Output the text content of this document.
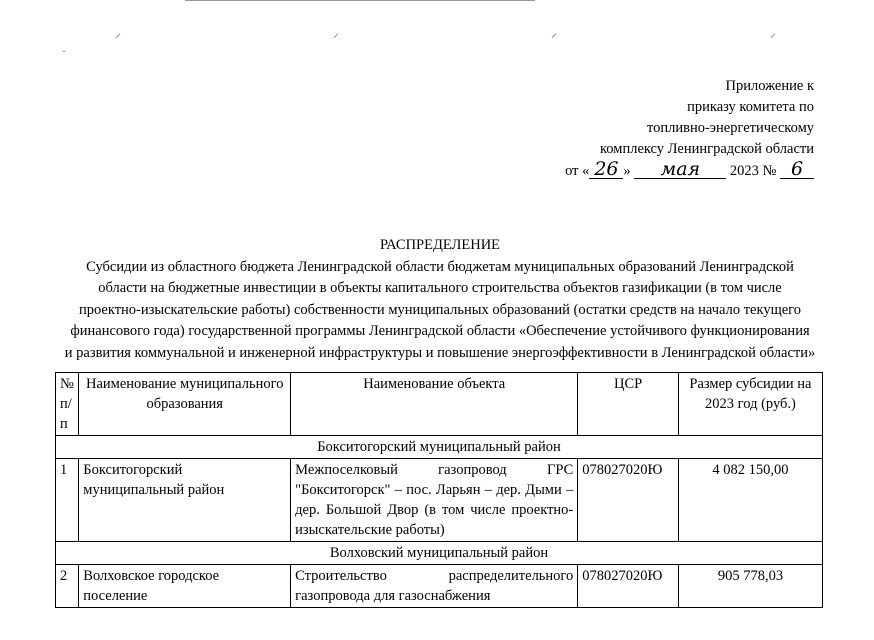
⸝	⸝	⸝	⸝
·
Приложение к
приказу комитета по
топливно-энергетическому
комплексу Ленинградской области
от « 26 » мая 2023 № 6
РАСПРЕДЕЛЕНИЕ
Субсидии из областного бюджета Ленинградской области бюджетам муниципальных образований Ленинградской
области на бюджетные инвестиции в объекты капитального строительства объектов газификации (в том числе
проектно-изыскательские работы) собственности муниципальных образований (остатки средств на начало текущего
финансового года) государственной программы Ленинградской области «Обеспечение устойчивого функционирования
и развития коммунальной и инженерной инфраструктуры и повышение энергоэффективности в Ленинградской области»
№ п/п	Наименование муниципального образования	Наименование объекта	ЦСР	Размер субсидии на 2023 год (руб.)
Бокситогорский муниципальный район				
1	Бокситогорский муниципальный район	Межпоселковый газопровод ГРС "Бокситогорск" – пос. Ларьян – дер. Дыми – дер. Большой Двор (в том числе проектно-изыскательские работы)	078027020Ю	4 082 150,00
Волховский муниципальный район				
2	Волховское городское поселение	Строительство распределительного газопровода для газоснабжения	078027020Ю	905 778,03
